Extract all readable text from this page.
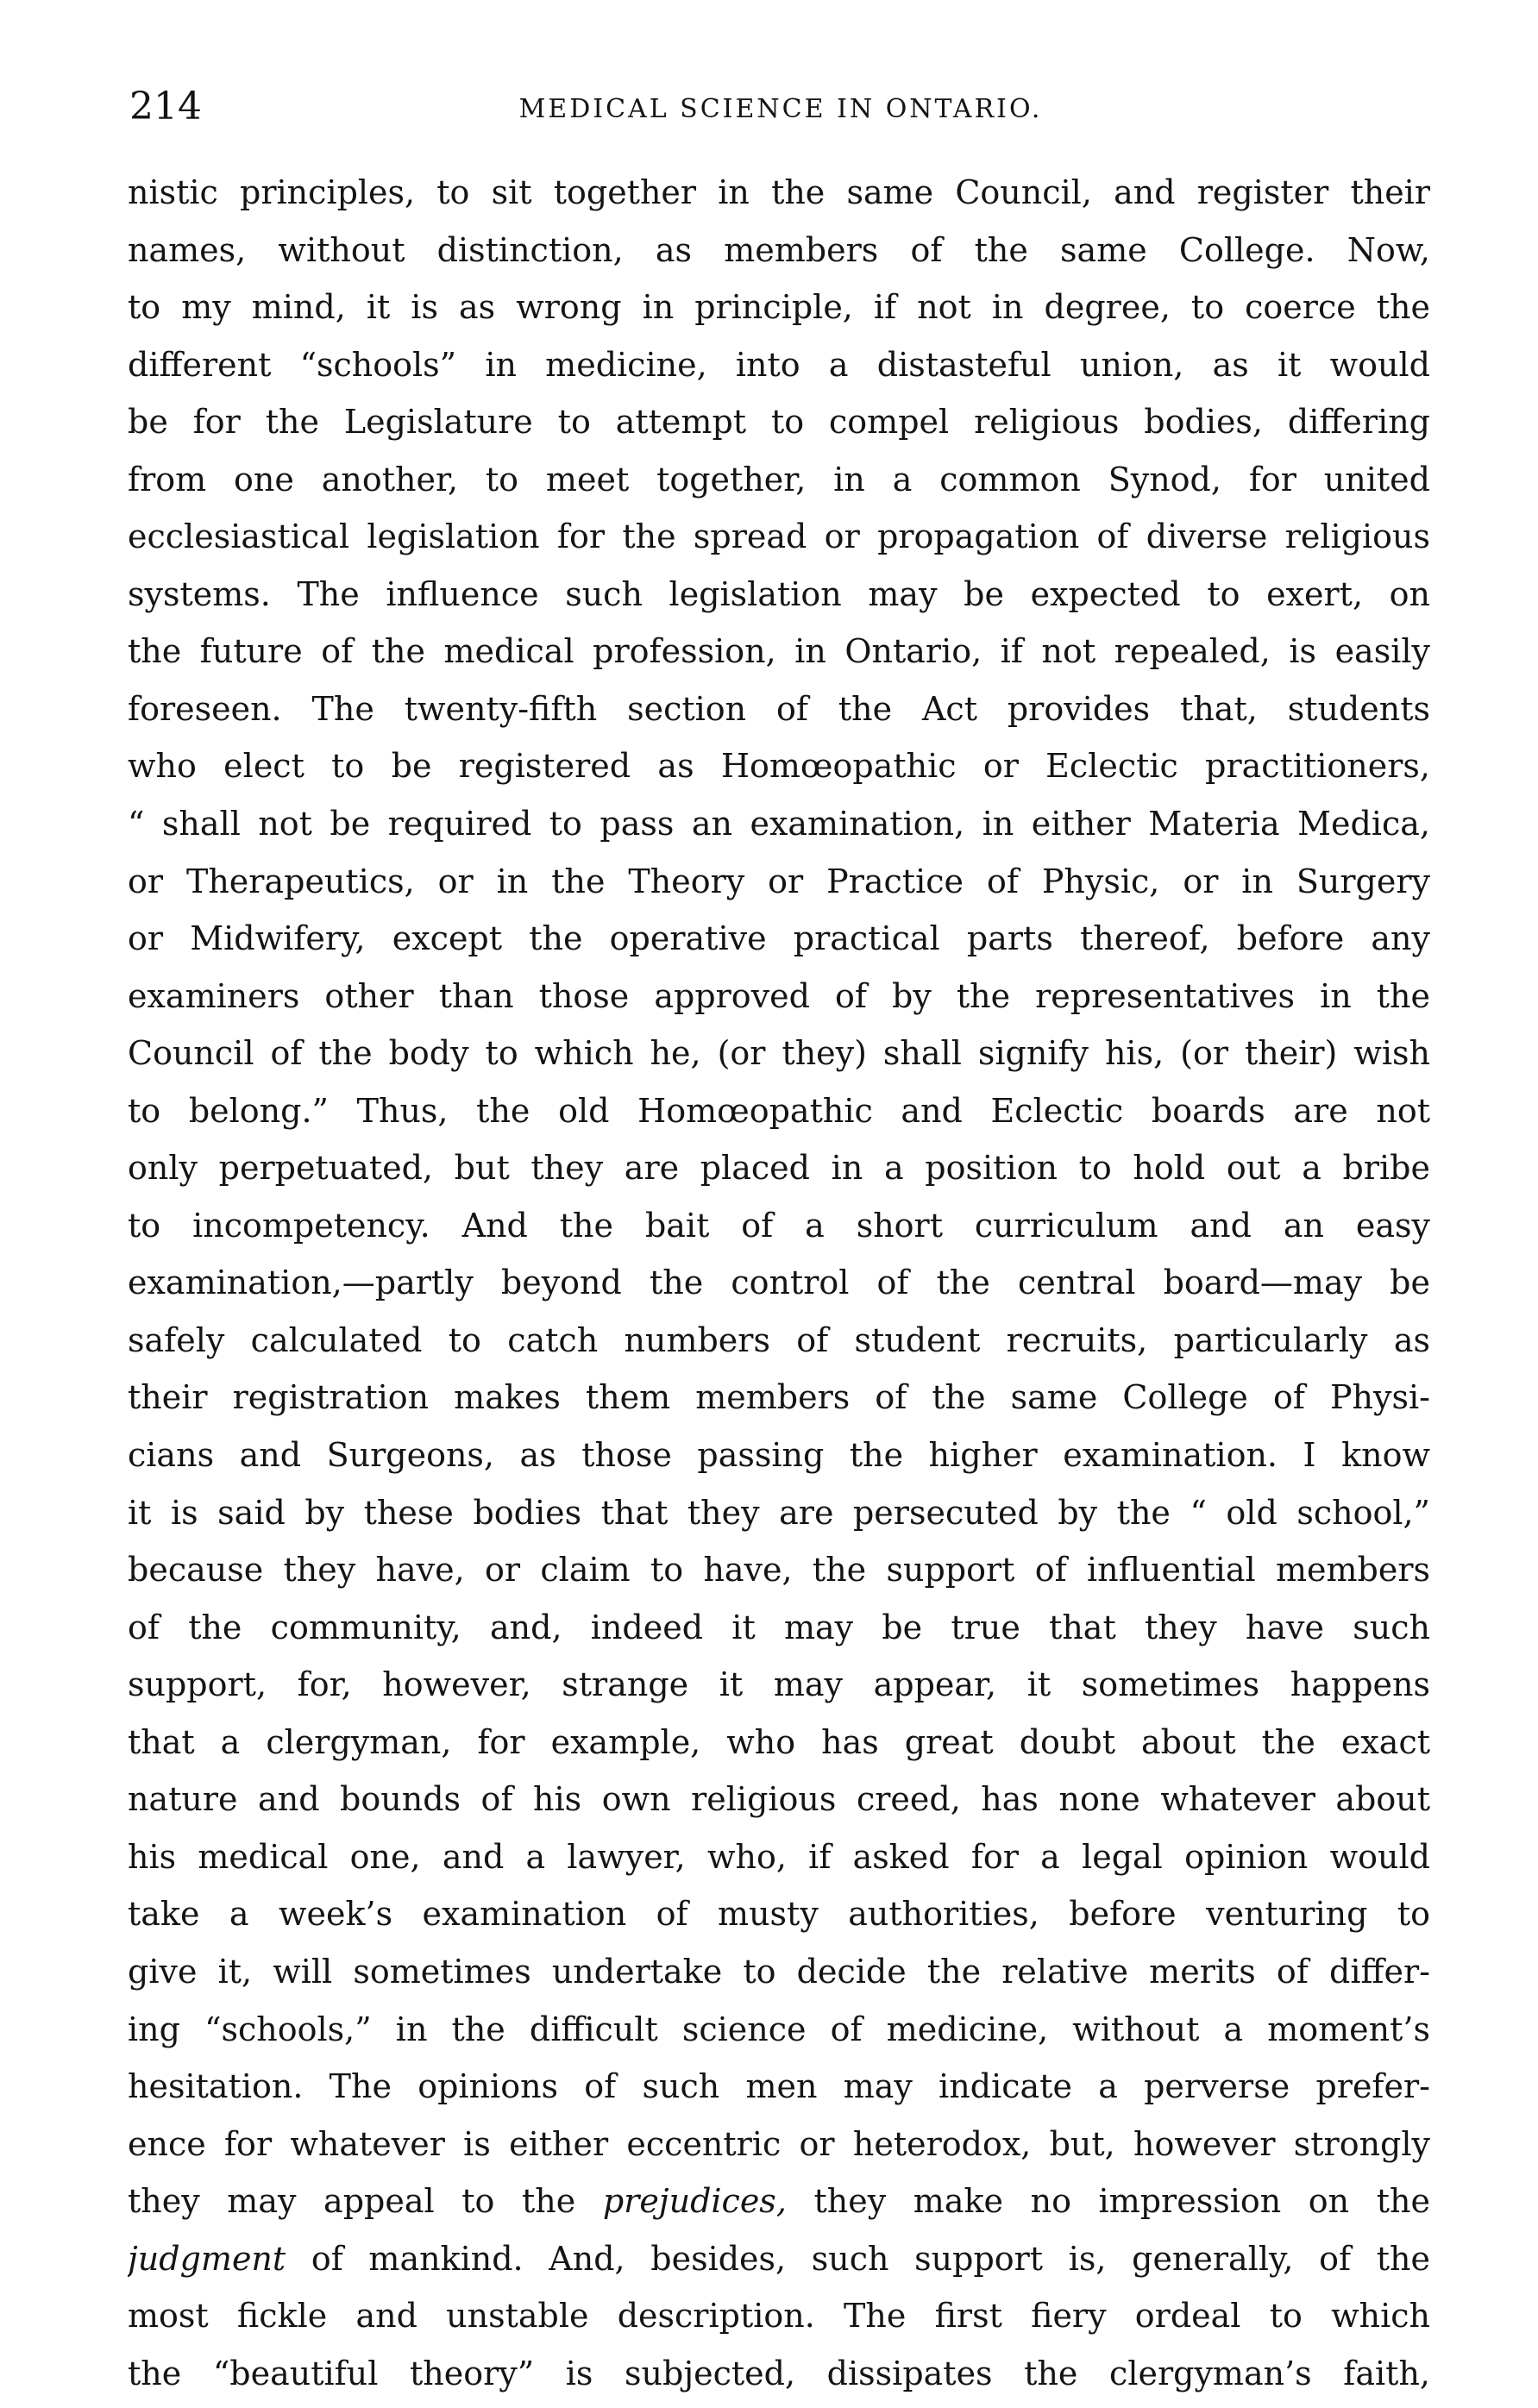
214	MEDICAL SCIENCE IN ONTARIO.
nistic principles, to sit together in the same Council, and register their
names, without distinction, as members of the same College. Now,
to my mind, it is as wrong in principle, if not in degree, to coerce the
different “schools” in medicine, into a distasteful union, as it would
be for the Legislature to attempt to compel religious bodies, differing
from one another, to meet together, in a common Synod, for united
ecclesiastical legislation for the spread or propagation of diverse religious
systems. The influence such legislation may be expected to exert, on
the future of the medical profession, in Ontario, if not repealed, is easily
foreseen. The twenty-fifth section of the Act provides that, students
who elect to be registered as Homœopathic or Eclectic practitioners,
“ shall not be required to pass an examination, in either Materia Medica,
or Therapeutics, or in the Theory or Practice of Physic, or in Surgery
or Midwifery, except the operative practical parts thereof, before any
examiners other than those approved of by the representatives in the
Council of the body to which he, (or they) shall signify his, (or their) wish
to belong.” Thus, the old Homœopathic and Eclectic boards are not
only perpetuated, but they are placed in a position to hold out a bribe
to incompetency. And the bait of a short curriculum and an easy
examination,—partly beyond the control of the central board—may be
safely calculated to catch numbers of student recruits, particularly as
their registration makes them members of the same College of Physi-
cians and Surgeons, as those passing the higher examination. I know
it is said by these bodies that they are persecuted by the “ old school,”
because they have, or claim to have, the support of influential members
of the community, and, indeed it may be true that they have such
support, for, however, strange it may appear, it sometimes happens
that a clergyman, for example, who has great doubt about the exact
nature and bounds of his own religious creed, has none whatever about
his medical one, and a lawyer, who, if asked for a legal opinion would
take a week’s examination of musty authorities, before venturing to
give it, will sometimes undertake to decide the relative merits of differ-
ing “schools,” in the difficult science of medicine, without a moment’s
hesitation. The opinions of such men may indicate a perverse prefer-
ence for whatever is either eccentric or heterodox, but, however strongly
they may appeal to the prejudices, they make no impression on the
judgment of mankind. And, besides, such support is, generally, of the
most fickle and unstable description. The first fiery ordeal to which
the “beautiful theory” is subjected, dissipates the clergyman’s faith,
